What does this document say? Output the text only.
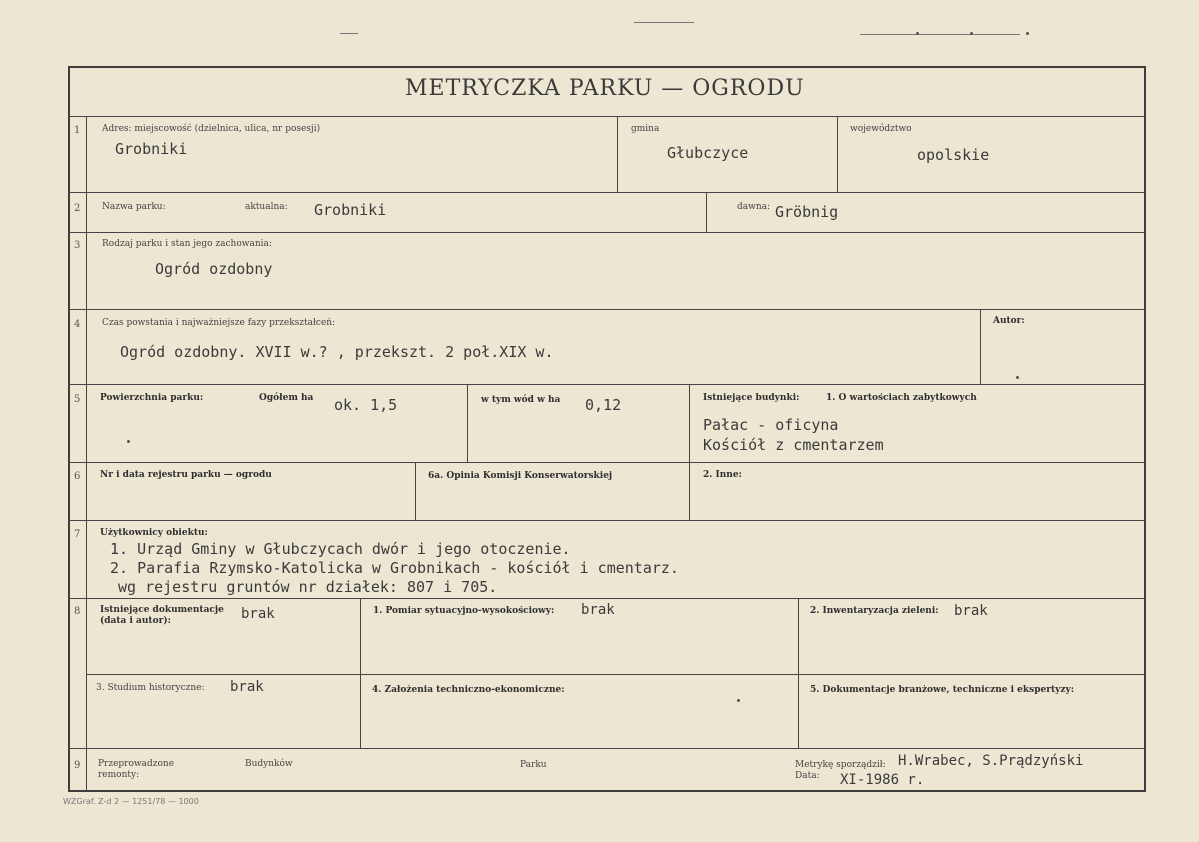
METRYCZKA PARKU — OGRODU
1 Adres: miejscowość (dzielnica, ulica, nr posesji)
Grobniki
gmina
Głubczyce
województwo
opolskie
2 Nazwa parku:	aktualna: Grobniki	dawna: Gröbnig
3 Rodzaj parku i stan jego zachowania:
Ogród ozdobny
4 Czas powstania i najważniejsze fazy przekształceń:
Ogród ozdobny. XVII w.? , przekszt. 2 poł.XIX w.
Autor:
5 Powierzchnia parku:	Ogółem ha ok. 1,5	w tym wód w ha 0,12	Istniejące budynki:	1. O wartościach zabytkowych
Pałac - oficyna
Kościół z cmentarzem
6 Nr i data rejestru parku — ogrodu	6a. Opinia Komisji Konserwatorskiej	2. Inne:
7 Użytkownicy obiektu:
1. Urząd Gminy w Głubczycach dwór i jego otoczenie.
2. Parafia Rzymsko-Katolicka w Grobnikach - kościół i cmentarz.
wg rejestru gruntów nr działek: 807 i 705.
8 Istniejące dokumentacje
(data i autor):	brak	1. Pomiar sytuacyjno-wysokościowy: brak	2. Inwentaryzacja zieleni: brak
3. Studium historyczne: brak	4. Założenia techniczno-ekonomiczne:	5. Dokumentacje branżowe, techniczne i ekspertyzy:
9 Przeprowadzone
remonty:
Budynków	Parku	Metrykę sporządził: H.Wrabec, S.Prądzyński
Data: XI-1986 r.
WZGraf. Z-d 2 — 1251/78 — 1000
